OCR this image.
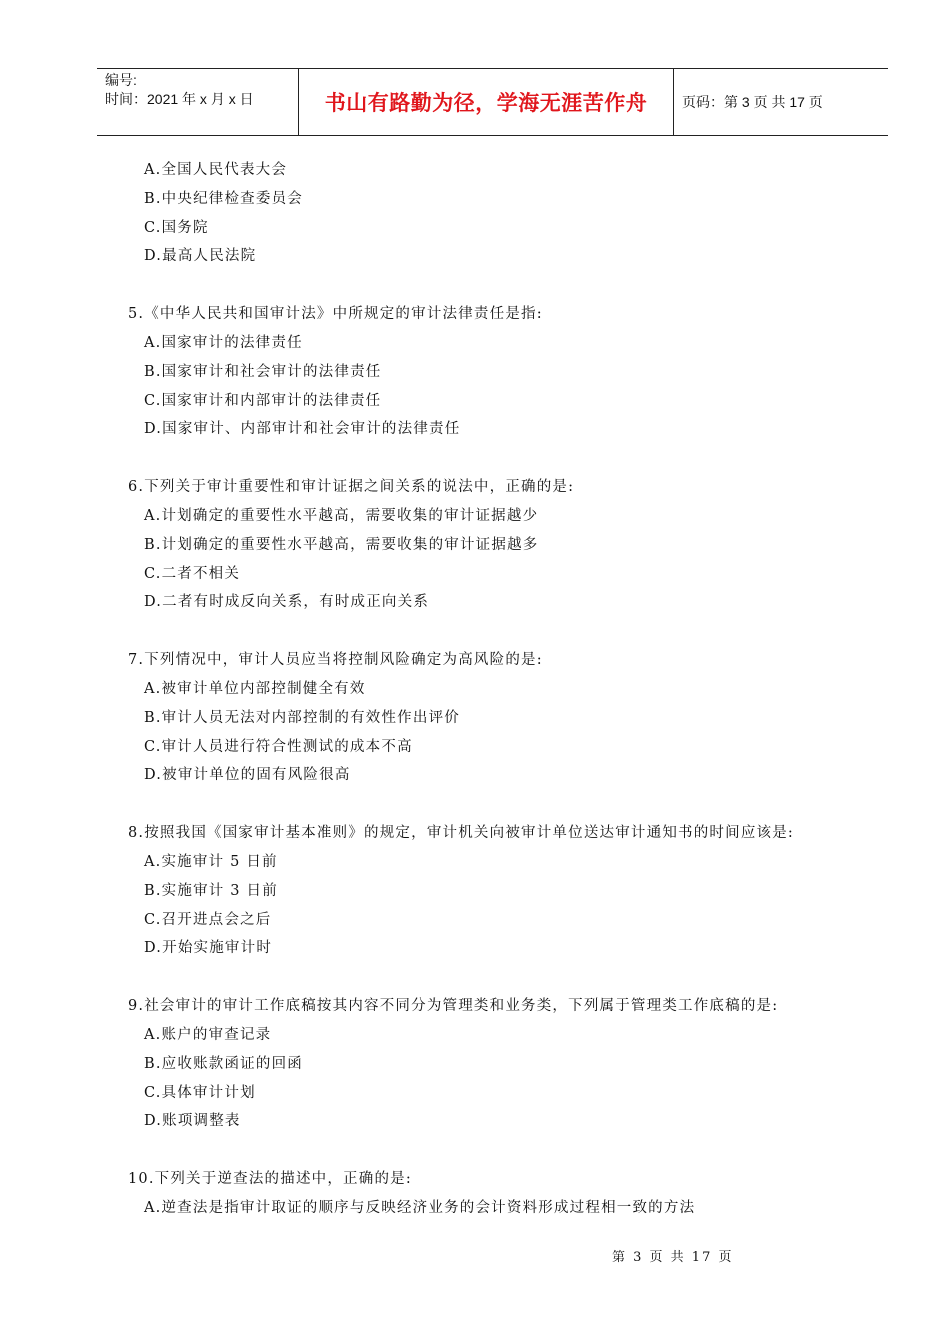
编号:
时间：2021 年 x 月 x 日	书山有路勤为径，学海无涯苦作舟	页码：第 3 页 共 17 页
A.全国人民代表大会
B.中央纪律检查委员会
C.国务院
D.最高人民法院
5.《中华人民共和国审计法》中所规定的审计法律责任是指:
A.国家审计的法律责任
B.国家审计和社会审计的法律责任
C.国家审计和内部审计的法律责任
D.国家审计、内部审计和社会审计的法律责任
6.下列关于审计重要性和审计证据之间关系的说法中，正确的是:
A.计划确定的重要性水平越高，需要收集的审计证据越少
B.计划确定的重要性水平越高，需要收集的审计证据越多
C.二者不相关
D.二者有时成反向关系，有时成正向关系
7.下列情况中，审计人员应当将控制风险确定为高风险的是:
A.被审计单位内部控制健全有效
B.审计人员无法对内部控制的有效性作出评价
C.审计人员进行符合性测试的成本不高
D.被审计单位的固有风险很高
8.按照我国《国家审计基本准则》的规定，审计机关向被审计单位送达审计通知书的时间应该是:
A.实施审计 5 日前
B.实施审计 3 日前
C.召开进点会之后
D.开始实施审计时
9.社会审计的审计工作底稿按其内容不同分为管理类和业务类，下列属于管理类工作底稿的是:
A.账户的审查记录
B.应收账款函证的回函
C.具体审计计划
D.账项调整表
10.下列关于逆查法的描述中，正确的是:
A.逆查法是指审计取证的顺序与反映经济业务的会计资料形成过程相一致的方法
第 3 页 共 17 页
